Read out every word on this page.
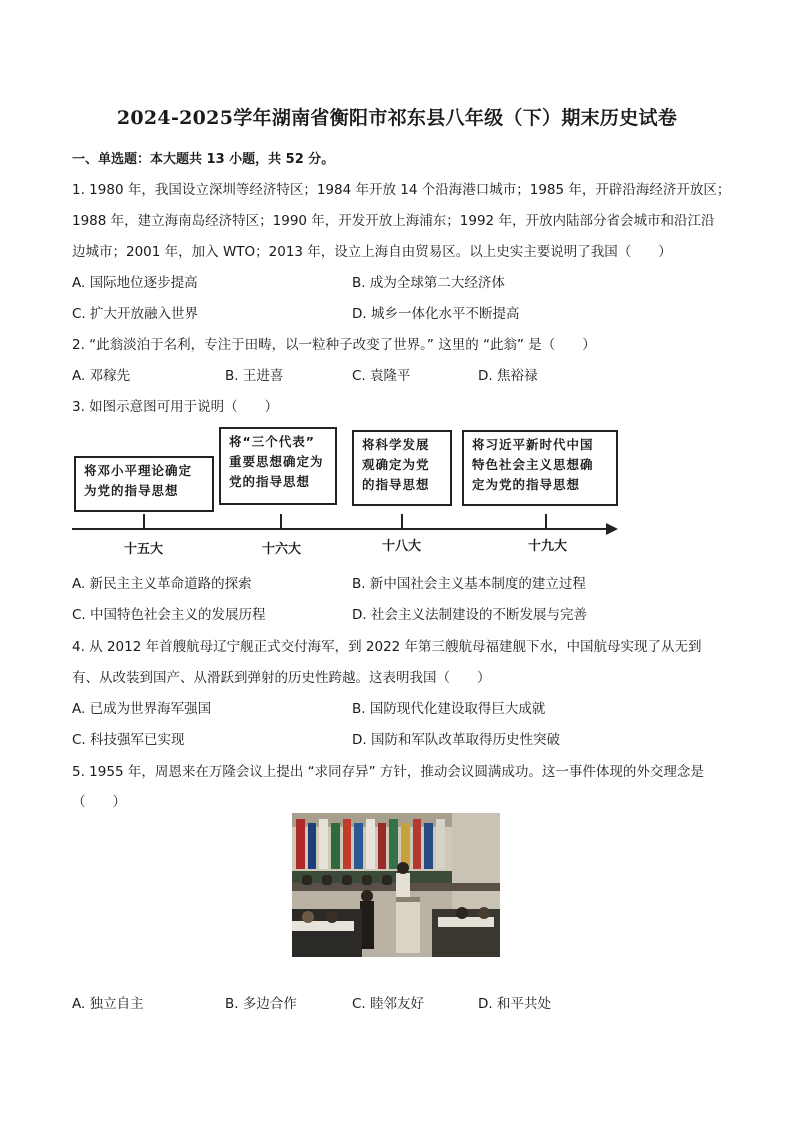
2024-2025学年湖南省衡阳市祁东县八年级（下）期末历史试卷
一、单选题：本大题共 13 小题，共 52 分。
1. 1980 年，我国设立深圳等经济特区；1984 年开放 14 个沿海港口城市；1985 年，开辟沿海经济开放区；
1988 年，建立海南岛经济特区；1990 年，开发开放上海浦东；1992 年，开放内陆部分省会城市和沿江沿
边城市；2001 年，加入 WTO；2013 年，设立上海自由贸易区。以上史实主要说明了我国（　　）
A. 国际地位逐步提高	B. 成为全球第二大经济体
C. 扩大开放融入世界	D. 城乡一体化水平不断提高
2. “此翁淡泊于名利，专注于田畴，以一粒种子改变了世界。” 这里的 “此翁” 是（　　）
A. 邓稼先	B. 王进喜	C. 袁隆平	D. 焦裕禄
3. 如图示意图可用于说明（　　）
将邓小平理论确定
为党的指导思想
将“三个代表”
重要思想确定为
党的指导思想
将科学发展
观确定为党
的指导思想
将习近平新时代中国
特色社会主义思想确
定为党的指导思想
十五大	十六大	十八大	十九大
A. 新民主主义革命道路的探索	B. 新中国社会主义基本制度的建立过程
C. 中国特色社会主义的发展历程	D. 社会主义法制建设的不断发展与完善
4. 从 2012 年首艘航母辽宁舰正式交付海军，到 2022 年第三艘航母福建舰下水，中国航母实现了从无到
有、从改装到国产、从滑跃到弹射的历史性跨越。这表明我国（　　）
A. 已成为世界海军强国	B. 国防现代化建设取得巨大成就
C. 科技强军已实现	D. 国防和军队改革取得历史性突破
5. 1955 年，周恩来在万隆会议上提出 “求同存异” 方针，推动会议圆满成功。这一事件体现的外交理念是
（　　）
A. 独立自主	B. 多边合作	C. 睦邻友好	D. 和平共处
